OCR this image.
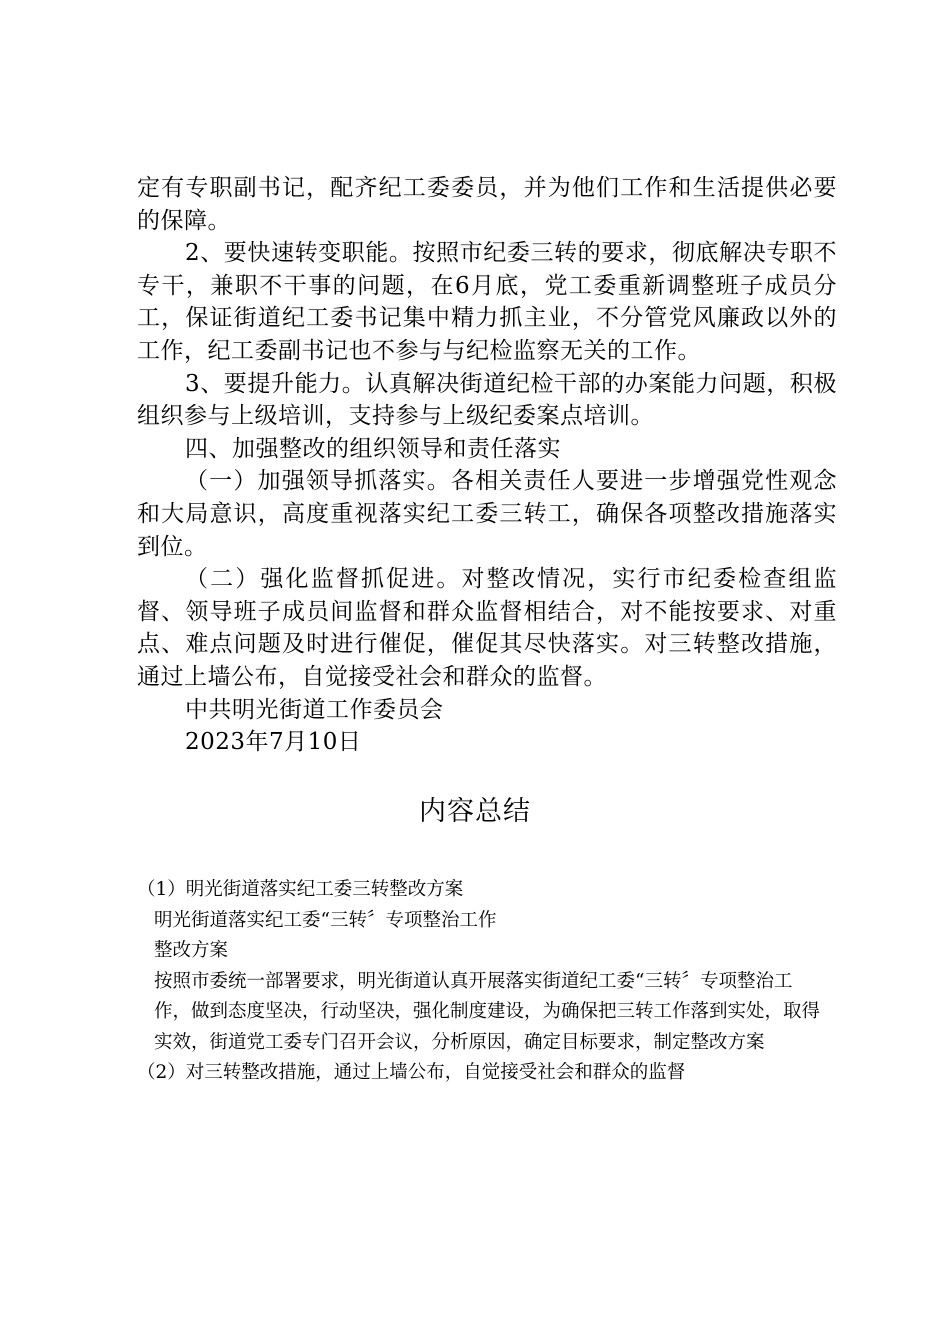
定有专职副书记，配齐纪工委委员，并为他们工作和生活提供必要的保障。

2、要快速转变职能。按照市纪委三转的要求，彻底解决专职不专干，兼职不干事的问题，在6月底，党工委重新调整班子成员分工，保证街道纪工委书记集中精力抓主业，不分管党风廉政以外的工作，纪工委副书记也不参与与纪检监察无关的工作。

3、要提升能力。认真解决街道纪检干部的办案能力问题，积极组织参与上级培训，支持参与上级纪委案点培训。

四、加强整改的组织领导和责任落实

（一）加强领导抓落实。各相关责任人要进一步增强党性观念和大局意识，高度重视落实纪工委三转工，确保各项整改措施落实到位。

（二）强化监督抓促进。对整改情况，实行市纪委检查组监督、领导班子成员间监督和群众监督相结合，对不能按要求、对重点、难点问题及时进行催促，催促其尽快落实。对三转整改措施，通过上墙公布，自觉接受社会和群众的监督。

中共明光街道工作委员会

2023年7月10日

内容总结

（1）明光街道落实纪工委三转整改方案

明光街道落实纪工委“三转〞专项整治工作

整改方案

按照市委统一部署要求，明光街道认真开展落实街道纪工委“三转〞专项整治工作，做到态度坚决，行动坚决，强化制度建设，为确保把三转工作落到实处，取得实效，街道党工委专门召开会议，分析原因，确定目标要求，制定整改方案

（2）对三转整改措施，通过上墙公布，自觉接受社会和群众的监督
